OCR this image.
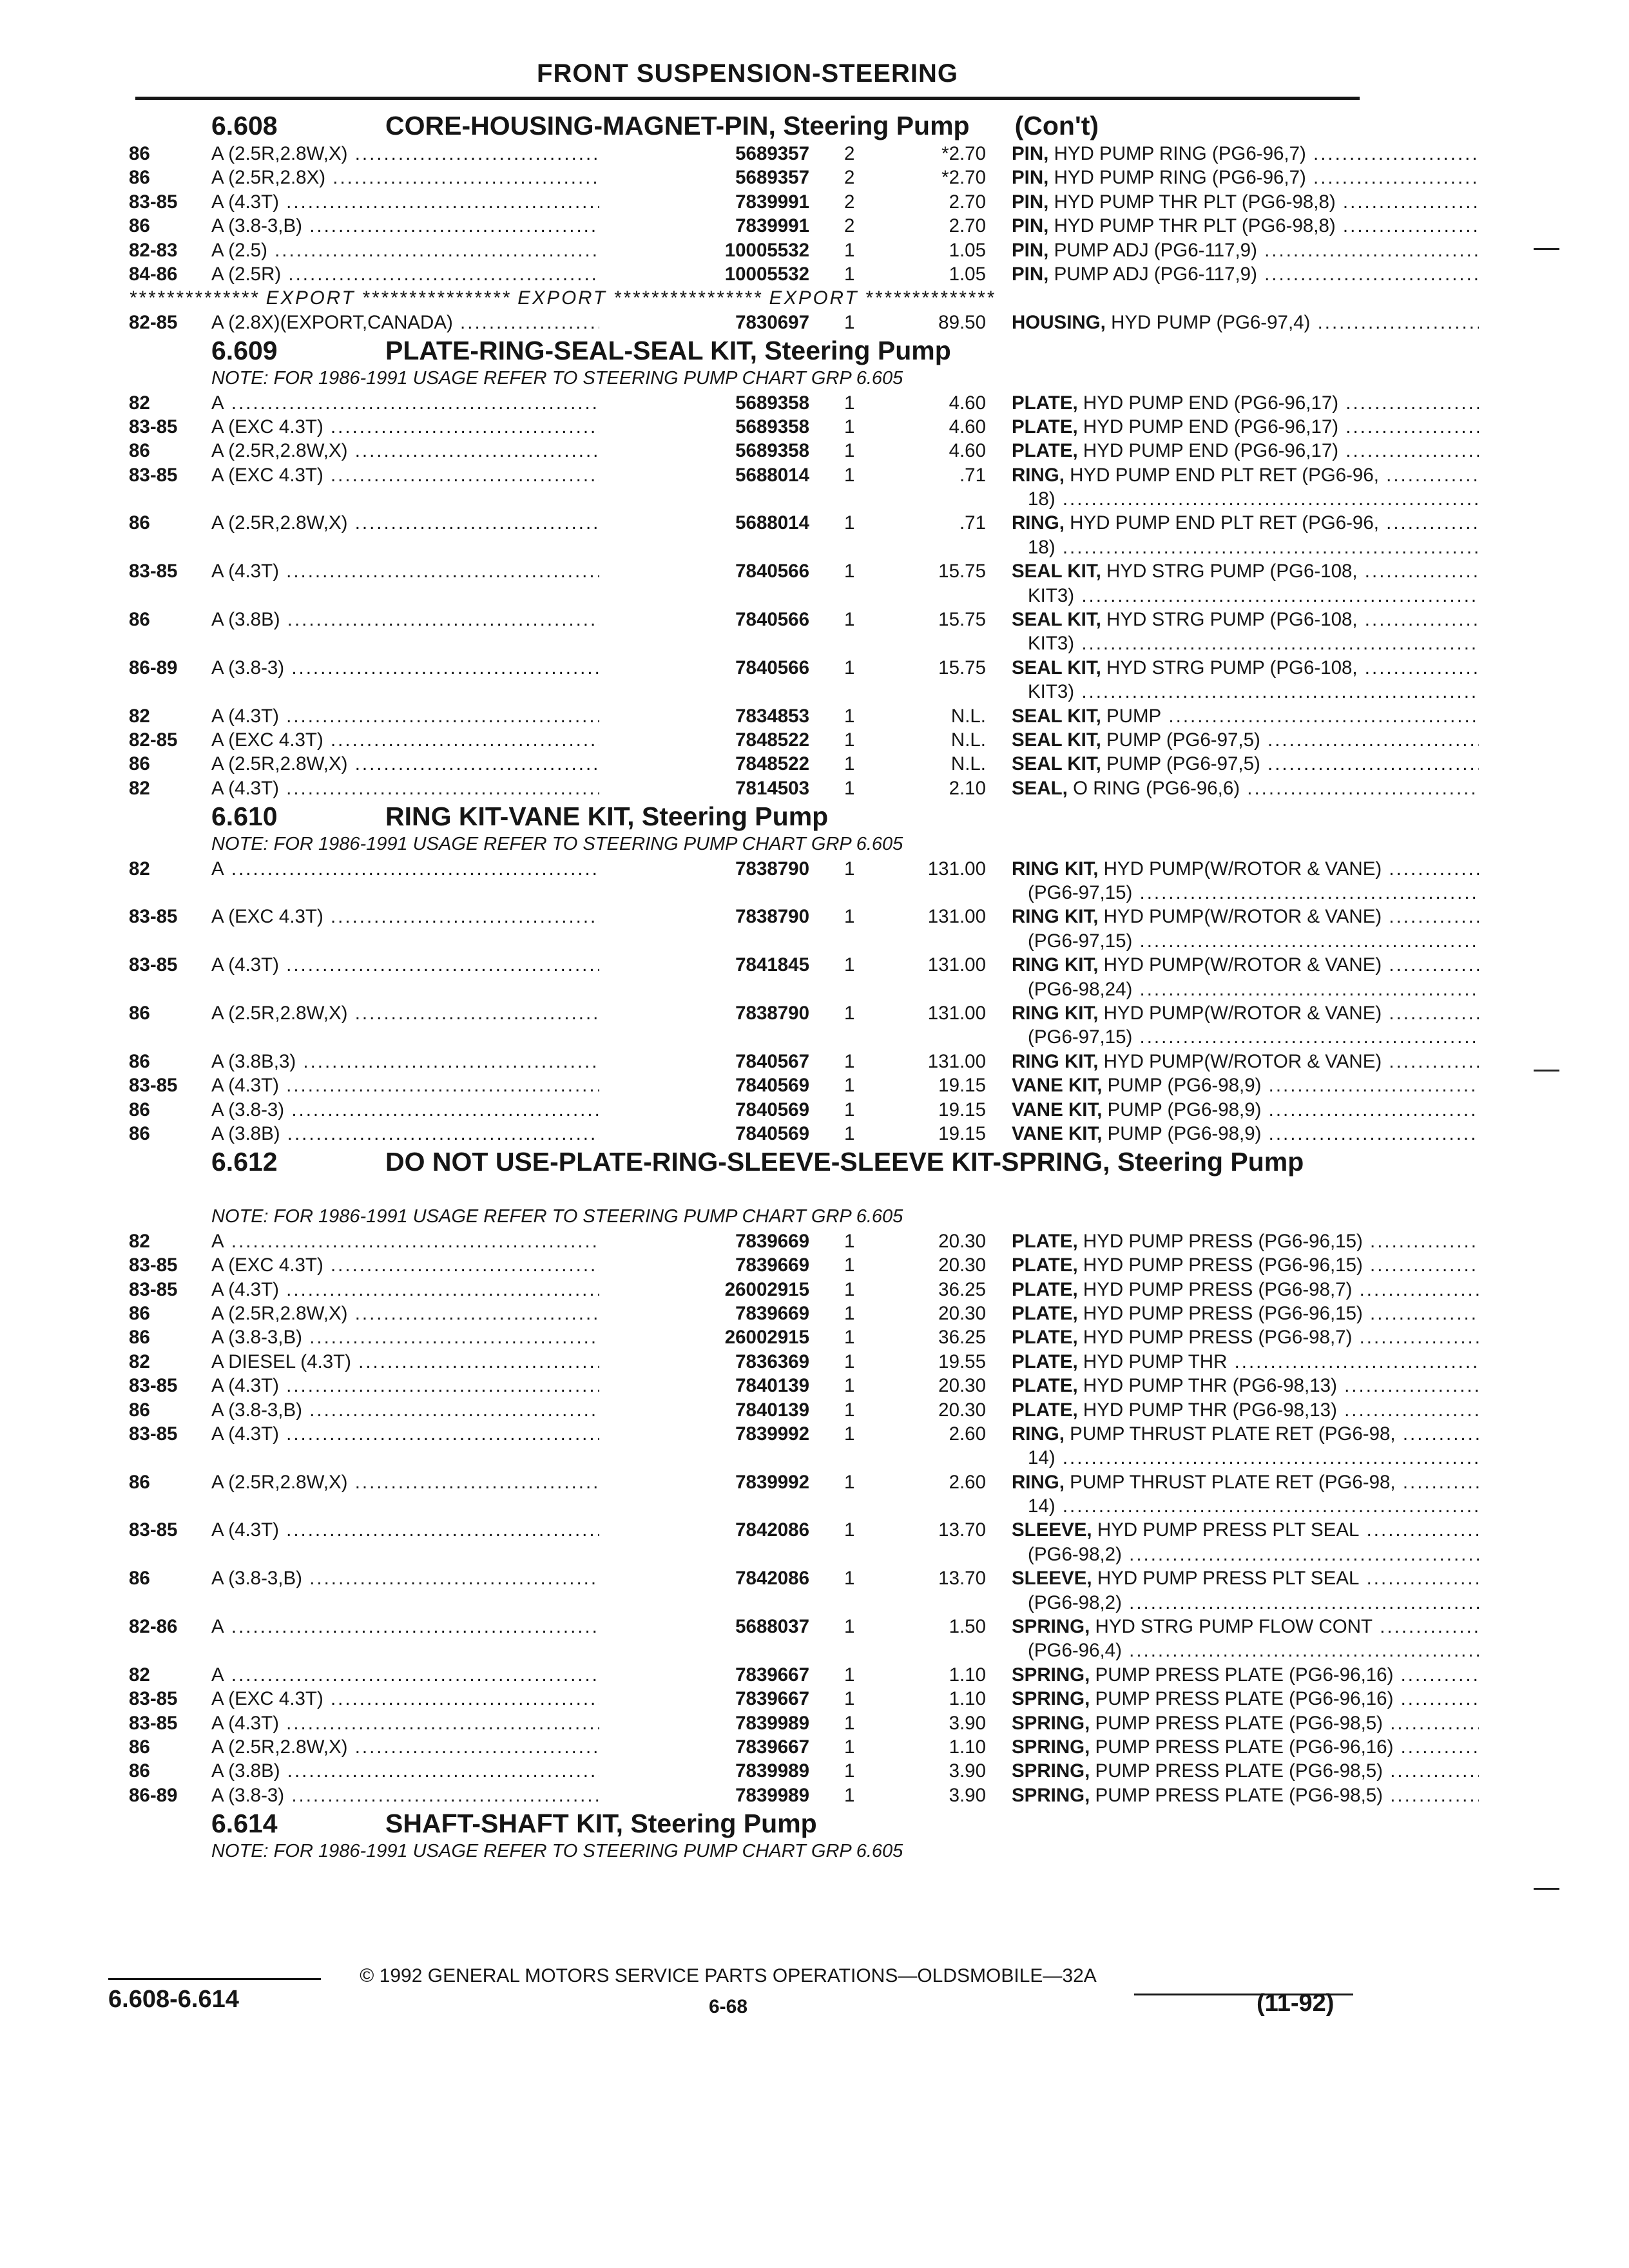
FRONT SUSPENSION-STEERING
6.608	CORE-HOUSING-MAGNET-PIN, Steering Pump (Con't)
86	A (2.5R,2.8W,X) .....	5689357 2	*2.70 PIN, HYD PUMP RING (PG6-96,7) .....
86	A (2.5R,2.8X) .....	5689357 2	*2.70 PIN, HYD PUMP RING (PG6-96,7) .....
83-85 A (4.3T) .....	7839991 2	2.70 PIN, HYD PUMP THR PLT (PG6-98,8) .....
86	A (3.8-3,B) .....	7839991 2	2.70 PIN, HYD PUMP THR PLT (PG6-98,8) .....
82-83 A (2.5) .....	10005532 1	1.05 PIN, PUMP ADJ (PG6-117,9) .....
84-86 A (2.5R) .....	10005532 1	1.05 PIN, PUMP ADJ (PG6-117,9) .....
************** EXPORT ****************EXPORT ****************EXPORT **************
82-85 A (2.8X)(EXPORT,CANADA) .....	7830697 1	89.50 HOUSING, HYD PUMP (PG6-97,4) .....
6.609	PLATE-RING-SEAL-SEAL KIT, Steering Pump
NOTE: FOR 1986-1991 USAGE REFER TO STEERING PUMP CHART GRP 6.605
82	A .....	5689358 1	4.60 PLATE, HYD PUMP END (PG6-96,17) .....
83-85 A (EXC 4.3T) .....	5689358 1	4.60 PLATE, HYD PUMP END (PG6-96,17) .....
86	A (2.5R,2.8W,X) .....	5689358 1	4.60 PLATE, HYD PUMP END (PG6-96,17) .....
83-85 A (EXC 4.3T) .....	5688014 1	.71 RING, HYD PUMP END PLT RET (PG6-96, .....
18) .....
86	A (2.5R,2.8W,X) .....	5688014 1	.71 RING, HYD PUMP END PLT RET (PG6-96, .....
18) .....
83-85 A (4.3T) .....	7840566 1	15.75 SEAL KIT, HYD STRG PUMP (PG6-108, .....
KIT3) .....
86	A (3.8B) .....	7840566 1	15.75 SEAL KIT, HYD STRG PUMP (PG6-108, .....
KIT3) .....
86-89 A (3.8-3) .....	7840566 1	15.75 SEAL KIT, HYD STRG PUMP (PG6-108, .....
KIT3) .....
82	A (4.3T) .....	7834853 1	N.L. SEAL KIT, PUMP .....
82-85 A (EXC 4.3T) .....	7848522 1	N.L. SEAL KIT, PUMP (PG6-97,5) .....
86	A (2.5R,2.8W,X) .....	7848522 1	N.L. SEAL KIT, PUMP (PG6-97,5) .....
82	A (4.3T) .....	7814503 1	2.10 SEAL, O RING (PG6-96,6) .....
6.610	RING KIT-VANE KIT, Steering Pump
NOTE: FOR 1986-1991 USAGE REFER TO STEERING PUMP CHART GRP 6.605
82	A .....	7838790 1	131.00 RING KIT, HYD PUMP(W/ROTOR & VANE) .....
(PG6-97,15) .....
83-85 A (EXC 4.3T) .....	7838790 1	131.00 RING KIT, HYD PUMP(W/ROTOR & VANE) .....
(PG6-97,15) .....
83-85 A (4.3T) .....	7841845 1	131.00 RING KIT, HYD PUMP(W/ROTOR & VANE) .....
(PG6-98,24) .....
86	A (2.5R,2.8W,X) .....	7838790 1	131.00 RING KIT, HYD PUMP(W/ROTOR & VANE) .....
(PG6-97,15) .....
86	A (3.8B,3) .....	7840567 1	131.00 RING KIT, HYD PUMP(W/ROTOR & VANE) .....
83-85 A (4.3T) .....	7840569 1	19.15 VANE KIT, PUMP (PG6-98,9) .....
86	A (3.8-3) .....	7840569 1	19.15 VANE KIT, PUMP (PG6-98,9) .....
86	A (3.8B) .....	7840569 1	19.15 VANE KIT, PUMP (PG6-98,9) .....
6.612	DO NOT USE-PLATE-RING-SLEEVE-SLEEVE KIT-SPRING, Steering Pump
NOTE: FOR 1986-1991 USAGE REFER TO STEERING PUMP CHART GRP 6.605
82	A .....	7839669 1	20.30 PLATE, HYD PUMP PRESS (PG6-96,15) .....
83-85 A (EXC 4.3T) .....	7839669 1	20.30 PLATE, HYD PUMP PRESS (PG6-96,15) .....
83-85 A (4.3T) .....	26002915 1	36.25 PLATE, HYD PUMP PRESS (PG6-98,7) .....
86	A (2.5R,2.8W,X) .....	7839669 1	20.30 PLATE, HYD PUMP PRESS (PG6-96,15) .....
86	A (3.8-3,B) .....	26002915 1	36.25 PLATE, HYD PUMP PRESS (PG6-98,7) .....
82	A DIESEL (4.3T) .....	7836369 1	19.55 PLATE, HYD PUMP THR .....
83-85 A (4.3T) .....	7840139 1	20.30 PLATE, HYD PUMP THR (PG6-98,13) .....
86	A (3.8-3,B) .....	7840139 1	20.30 PLATE, HYD PUMP THR (PG6-98,13) .....
83-85 A (4.3T) .....	7839992 1	2.60 RING, PUMP THRUST PLATE RET (PG6-98, .....
14) .....
86	A (2.5R,2.8W,X) .....	7839992 1	2.60 RING, PUMP THRUST PLATE RET (PG6-98, .....
14) .....
83-85 A (4.3T) .....	7842086 1	13.70 SLEEVE, HYD PUMP PRESS PLT SEAL .....
(PG6-98,2) .....
86	A (3.8-3,B) .....	7842086 1	13.70 SLEEVE, HYD PUMP PRESS PLT SEAL .....
(PG6-98,2) .....
82-86 A .....	5688037 1	1.50 SPRING, HYD STRG PUMP FLOW CONT .....
(PG6-96,4) .....
82	A .....	7839667 1	1.10 SPRING, PUMP PRESS PLATE (PG6-96,16) .....
83-85 A (EXC 4.3T) .....	7839667 1	1.10 SPRING, PUMP PRESS PLATE (PG6-96,16) .....
83-85 A (4.3T) .....	7839989 1	3.90 SPRING, PUMP PRESS PLATE (PG6-98,5) .....
86	A (2.5R,2.8W,X) .....	7839667 1	1.10 SPRING, PUMP PRESS PLATE (PG6-96,16) .....
86	A (3.8B) .....	7839989 1	3.90 SPRING, PUMP PRESS PLATE (PG6-98,5) .....
86-89 A (3.8-3) .....	7839989 1	3.90 SPRING, PUMP PRESS PLATE (PG6-98,5) .....
6.614	SHAFT-SHAFT KIT, Steering Pump
NOTE: FOR 1986-1991 USAGE REFER TO STEERING PUMP CHART GRP 6.605
© 1992 GENERAL MOTORS SERVICE PARTS OPERATIONS—OLDSMOBILE—32A
6.608-6.614	6-68	(11-92)
